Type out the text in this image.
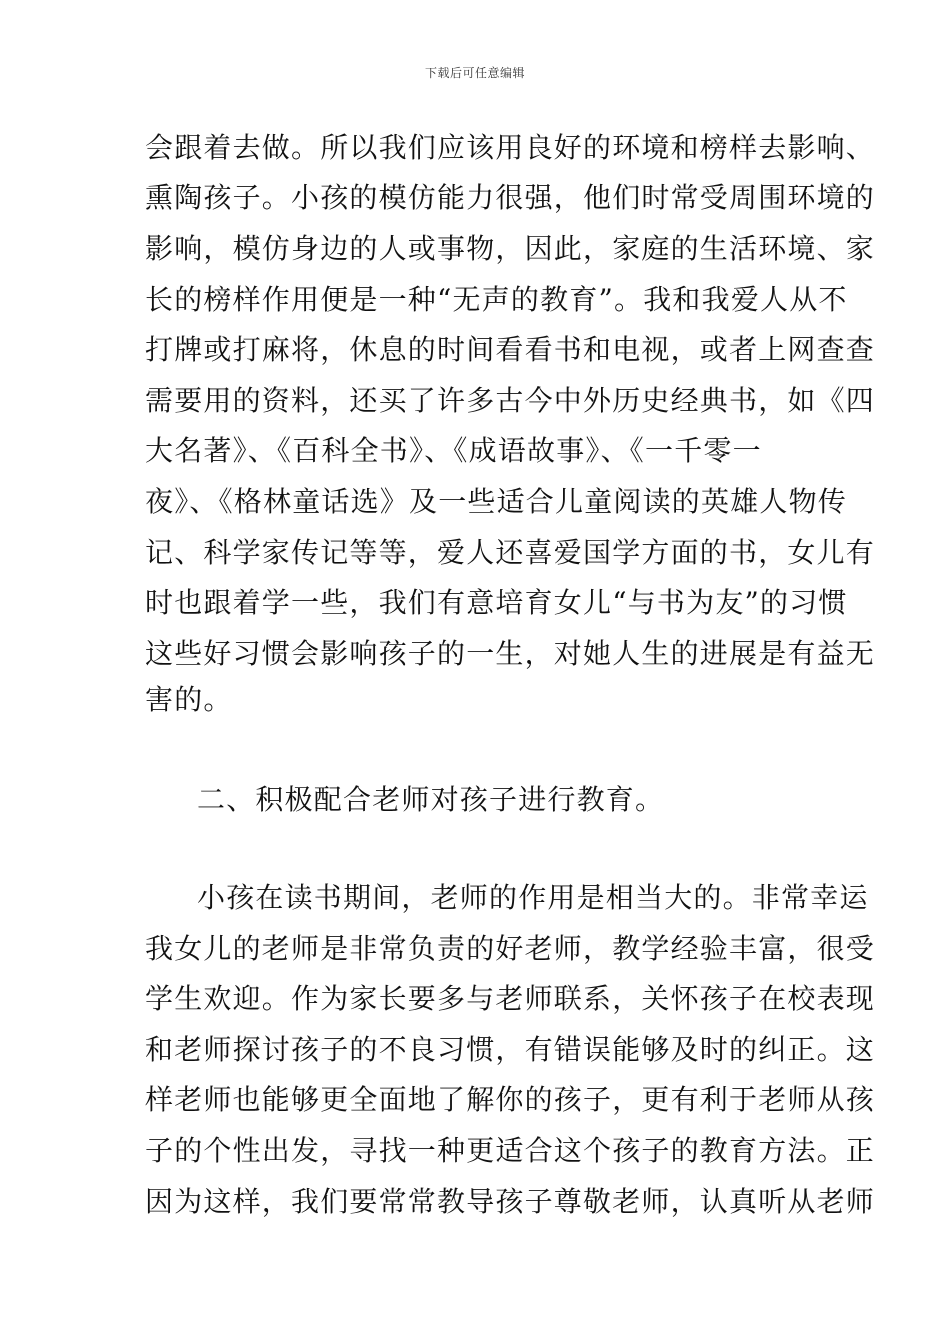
下载后可任意编辑
会跟着去做。所以我们应该用良好的环境和榜样去影响、
熏陶孩子。小孩的模仿能力很强，他们时常受周围环境的
影响，模仿身边的人或事物，因此，家庭的生活环境、家
长的榜样作用便是一种“无声的教育”。我和我爱人从不
打牌或打麻将，休息的时间看看书和电视，或者上网查查
需要用的资料，还买了许多古今中外历史经典书，如《四
大名著》、《百科全书》、《成语故事》、《一千零一
夜》、《格林童话选》及一些适合儿童阅读的英雄人物传
记、科学家传记等等，爱人还喜爱国学方面的书，女儿有
时也跟着学一些，我们有意培育女儿“与书为友”的习惯
这些好习惯会影响孩子的一生，对她人生的进展是有益无
害的。
二、积极配合老师对孩子进行教育。
小孩在读书期间，老师的作用是相当大的。非常幸运
我女儿的老师是非常负责的好老师，教学经验丰富，很受
学生欢迎。作为家长要多与老师联系，关怀孩子在校表现
和老师探讨孩子的不良习惯，有错误能够及时的纠正。这
样老师也能够更全面地了解你的孩子，更有利于老师从孩
子的个性出发，寻找一种更适合这个孩子的教育方法。正
因为这样，我们要常常教导孩子尊敬老师，认真听从老师
